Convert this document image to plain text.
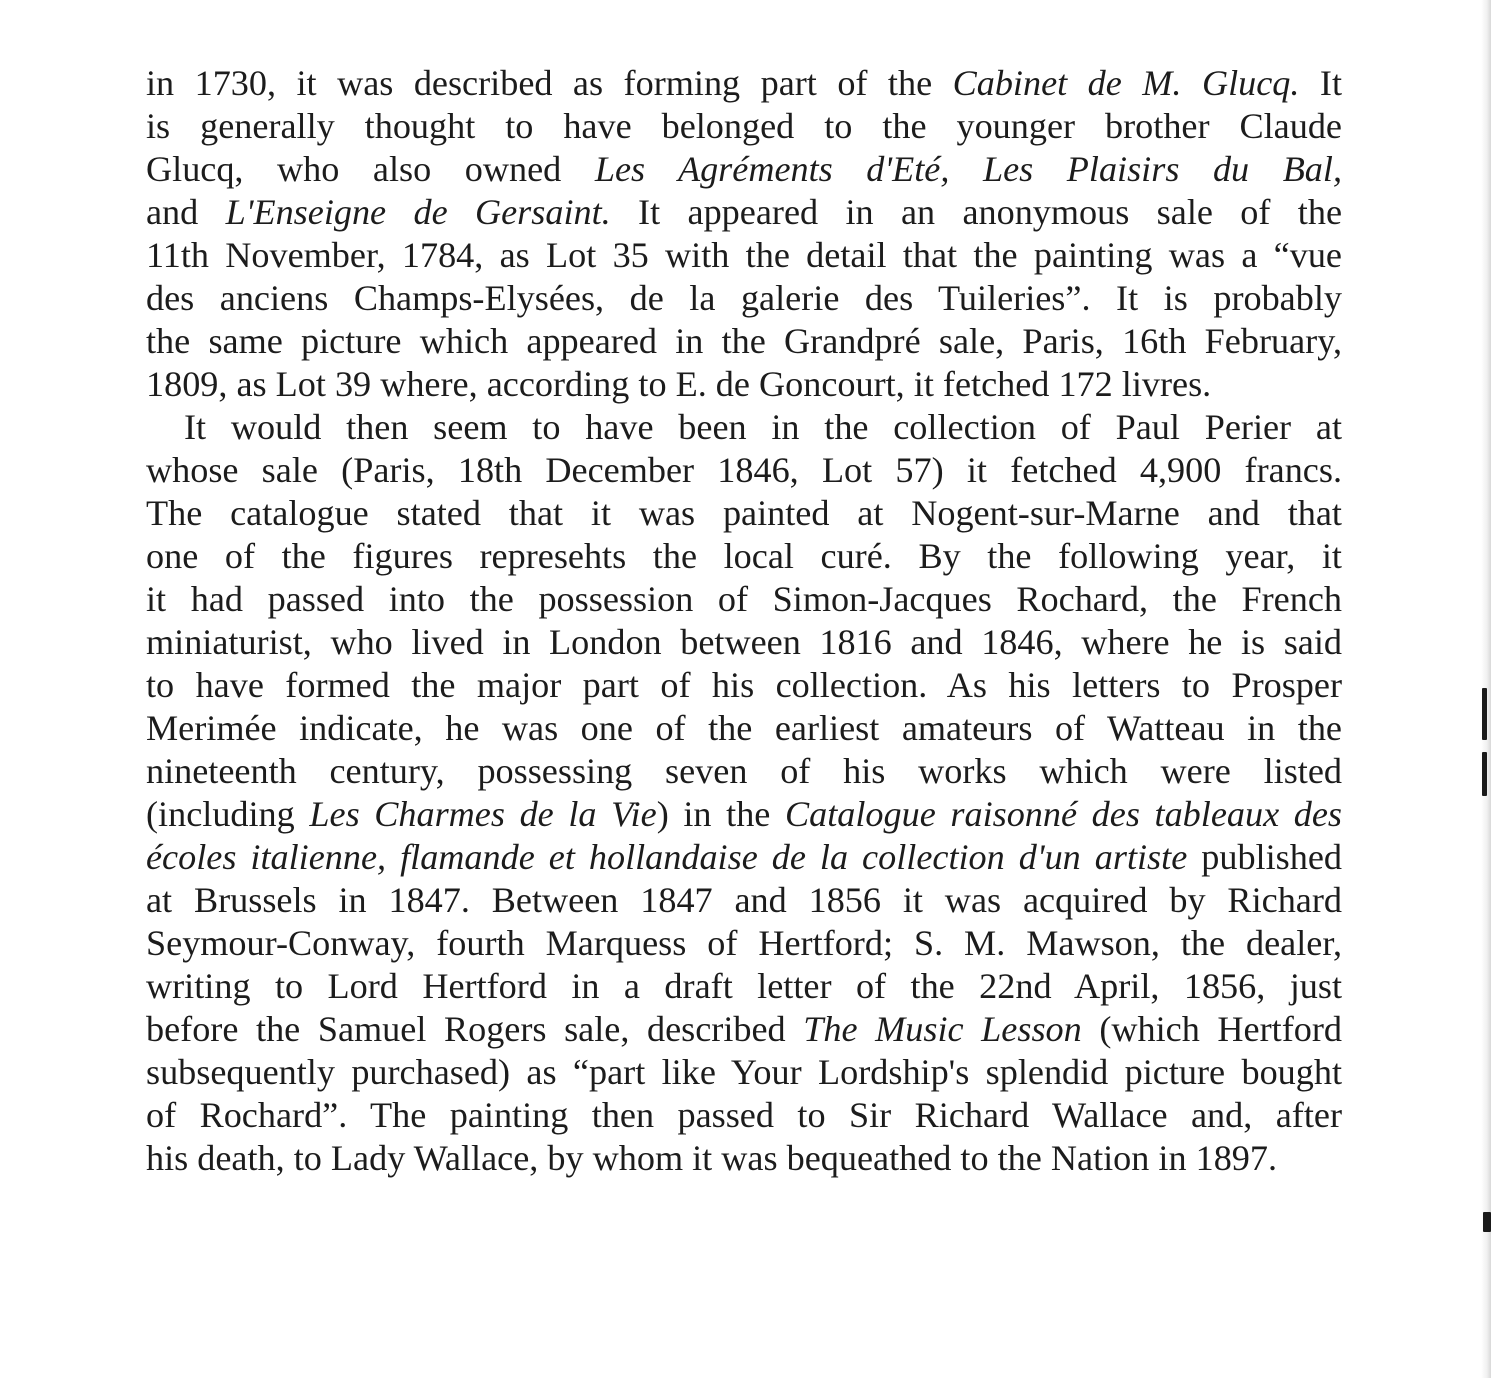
in 1730, it was described as forming part of the Cabinet de M. Glucq. It
is generally thought to have belonged to the younger brother Claude
Glucq, who also owned Les Agréments d'Eté, Les Plaisirs du Bal,
and L'Enseigne de Gersaint. It appeared in an anonymous sale of the
11th November, 1784, as Lot 35 with the detail that the painting was a “vue
des anciens Champs-Elysées, de la galerie des Tuileries”. It is probably
the same picture which appeared in the Grandpré sale, Paris, 16th February,
1809, as Lot 39 where, according to E. de Goncourt, it fetched 172 livres.
It would then seem to have been in the collection of Paul Perier at
whose sale (Paris, 18th December 1846, Lot 57) it fetched 4,900 francs.
The catalogue stated that it was painted at Nogent-sur-Marne and that
one of the figures represehts the local curé. By the following year, it
it had passed into the possession of Simon-Jacques Rochard, the French
miniaturist, who lived in London between 1816 and 1846, where he is said
to have formed the major part of his collection. As his letters to Prosper
Merimée indicate, he was one of the earliest amateurs of Watteau in the
nineteenth century, possessing seven of his works which were listed
(including Les Charmes de la Vie) in the Catalogue raisonné des tableaux des
écoles italienne, flamande et hollandaise de la collection d'un artiste published
at Brussels in 1847. Between 1847 and 1856 it was acquired by Richard
Seymour-Conway, fourth Marquess of Hertford; S. M. Mawson, the dealer,
writing to Lord Hertford in a draft letter of the 22nd April, 1856, just
before the Samuel Rogers sale, described The Music Lesson (which Hertford
subsequently purchased) as “part like Your Lordship's splendid picture bought
of Rochard”. The painting then passed to Sir Richard Wallace and, after
his death, to Lady Wallace, by whom it was bequeathed to the Nation in 1897.
